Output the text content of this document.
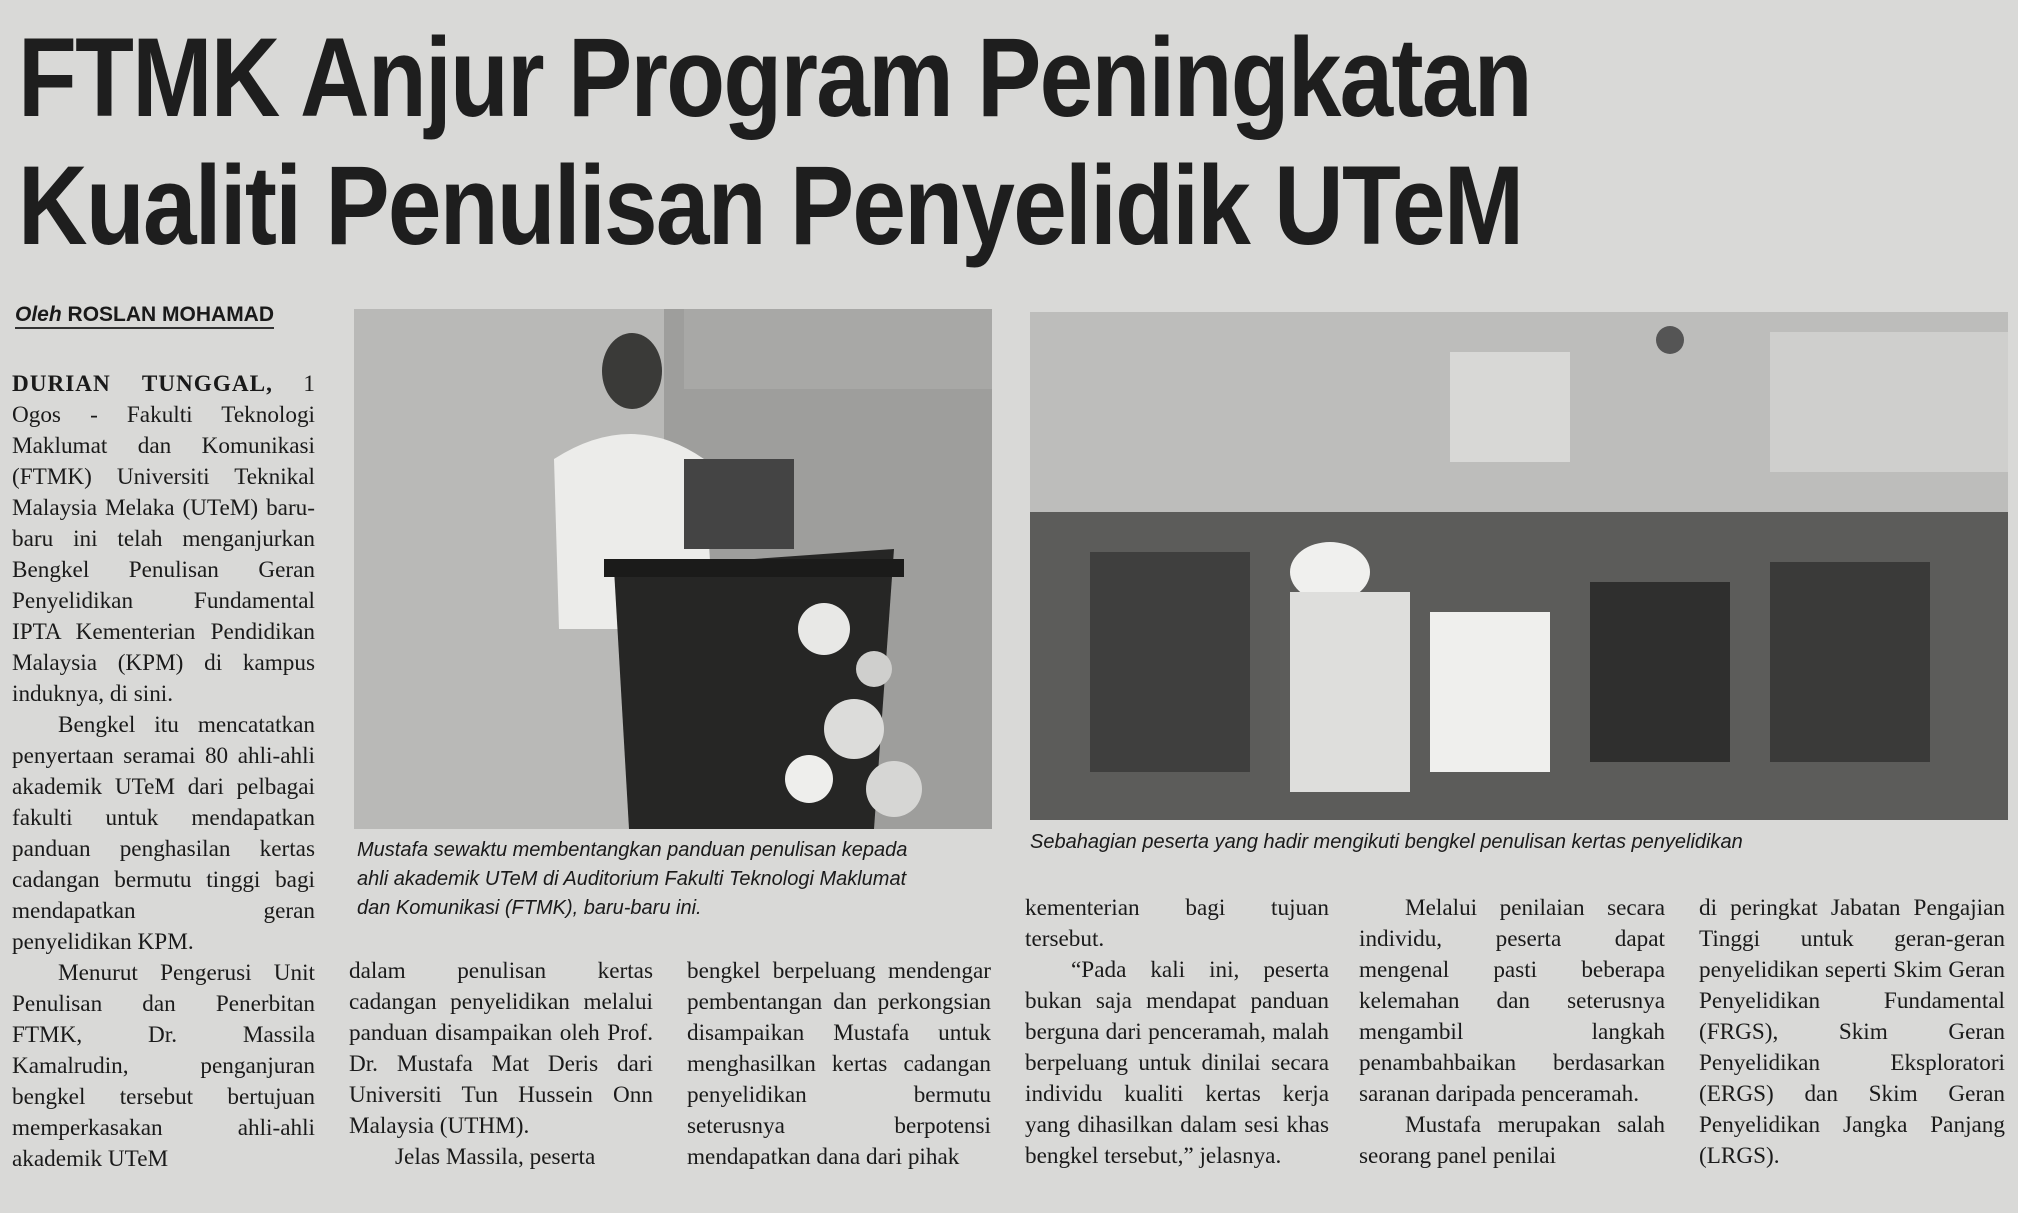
FTMK Anjur Program Peningkatan
Kualiti Penulisan Penyelidik UTeM
Oleh ROSLAN MOHAMAD

DURIAN TUNGGAL, 1 Ogos - Fakulti Teknologi Maklumat dan Komunikasi (FTMK) Universiti Teknikal Malaysia Melaka (UTeM) baru-baru ini telah menganjurkan Bengkel Penulisan Geran Penyelidikan Fundamental IPTA Kementerian Pendidikan Malaysia (KPM) di kampus induknya, di sini.

Bengkel itu mencatatkan penyertaan seramai 80 ahli-ahli akademik UTeM dari pelbagai fakulti untuk mendapatkan panduan penghasilan kertas cadangan bermutu tinggi bagi mendapatkan geran penyelidikan KPM.

Menurut Pengerusi Unit Penulisan dan Penerbitan FTMK, Dr. Massila Kamalrudin, penganjuran bengkel tersebut bertujuan memperkasakan ahli-ahli akademik UTeM

Mustafa sewaktu membentangkan panduan penulisan kepada
ahli akademik UTeM di Auditorium Fakulti Teknologi Maklumat
dan Komunikasi (FTMK), baru-baru ini.
Sebahagian peserta yang hadir mengikuti bengkel penulisan kertas penyelidikan

dalam penulisan kertas cadangan penyelidikan melalui panduan disampaikan oleh Prof. Dr. Mustafa Mat Deris dari Universiti Tun Hussein Onn Malaysia (UTHM).

Jelas Massila, peserta

bengkel berpeluang mendengar pembentangan dan perkongsian disampaikan Mustafa untuk menghasilkan kertas cadangan penyelidikan bermutu seterusnya berpotensi mendapatkan dana dari pihak

kementerian bagi tujuan tersebut.

“Pada kali ini, peserta bukan saja mendapat panduan berguna dari penceramah, malah berpeluang untuk dinilai secara individu kualiti kertas kerja yang dihasilkan dalam sesi khas bengkel tersebut,” jelasnya.

Melalui penilaian secara individu, peserta dapat mengenal pasti beberapa kelemahan dan seterusnya mengambil langkah penambahbaikan berdasarkan saranan daripada penceramah.

Mustafa merupakan salah seorang panel penilai

di peringkat Jabatan Pengajian Tinggi untuk geran-geran penyelidikan seperti Skim Geran Penyelidikan Fundamental (FRGS), Skim Geran Penyelidikan Eksploratori (ERGS) dan Skim Geran Penyelidikan Jangka Panjang (LRGS).
